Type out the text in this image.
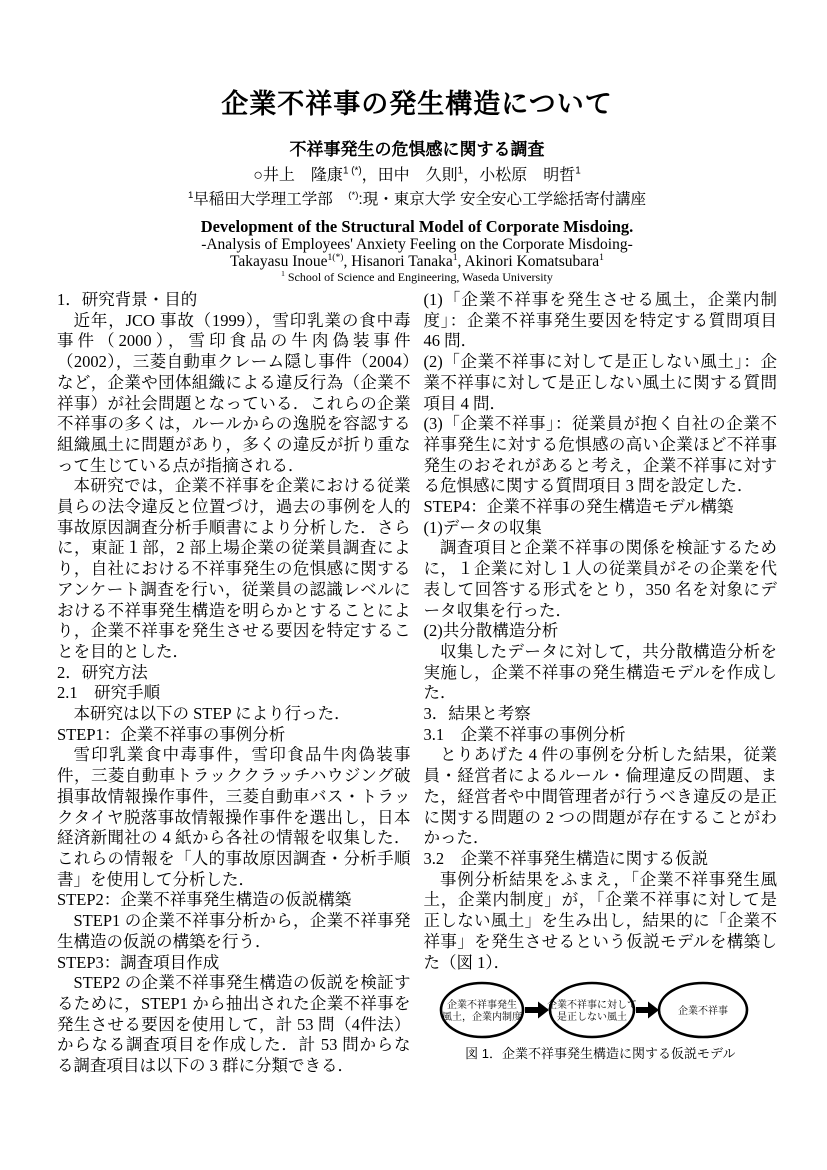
企業不祥事の発生構造について
不祥事発生の危惧感に関する調査
○井上　隆康$^{1 (*)}$，田中　久則$^1$，小松原　明哲$^1$
$^1$早稲田大学理工学部　(*):現・東京大学 安全安心工学総括寄付講座
Development of the Structural Model of Corporate Misdoing.
-Analysis of Employees' Anxiety Feeling on the Corporate Misdoing-
Takayasu Inoue$^{1(*)}$, Hisanori Tanaka$^1$, Akinori Komatsubara$^1$
$^1$ School of Science and Engineering, Waseda University

1．研究背景・目的

近年，JCO 事故（1999），雪印乳業の食中毒事件（2000），雪印食品の牛肉偽装事件（2002），三菱自動車クレーム隠し事件（2004）など，企業や団体組織による違反行為（企業不祥事）が社会問題となっている．これらの企業不祥事の多くは，ルールからの逸脱を容認する組織風土に問題があり，多くの違反が折り重なって生じている点が指摘される．

本研究では，企業不祥事を企業における従業員らの法令違反と位置づけ，過去の事例を人的事故原因調査分析手順書により分析した．さらに，東証１部，2 部上場企業の従業員調査により，自社における不祥事発生の危惧感に関するアンケート調査を行い，従業員の認識レベルにおける不祥事発生構造を明らかとすることにより，企業不祥事を発生させる要因を特定することを目的とした．

2．研究方法

2.1　研究手順

本研究は以下の STEP により行った．

STEP1：企業不祥事の事例分析

雪印乳業食中毒事件，雪印食品牛肉偽装事件，三菱自動車トラッククラッチハウジング破損事故情報操作事件，三菱自動車バス・トラックタイヤ脱落事故情報操作事件を選出し，日本経済新聞社の 4 紙から各社の情報を収集した．これらの情報を「人的事故原因調査・分析手順書」を使用して分析した．

STEP2：企業不祥事発生構造の仮説構築

STEP1 の企業不祥事分析から，企業不祥事発生構造の仮説の構築を行う．

STEP3：調査項目作成

STEP2 の企業不祥事発生構造の仮説を検証するために，STEP1 から抽出された企業不祥事を発生させる要因を使用して，計 53 問（4件法）からなる調査項目を作成した．計 53 問からなる調査項目は以下の 3 群に分類できる．

(1)「企業不祥事を発生させる風土，企業内制度」：企業不祥事発生要因を特定する質問項目 46 問．

(2)「企業不祥事に対して是正しない風土」：企業不祥事に対して是正しない風土に関する質問項目 4 問．

(3)「企業不祥事」：従業員が抱く自社の企業不祥事発生に対する危惧感の高い企業ほど不祥事発生のおそれがあると考え，企業不祥事に対する危惧感に関する質問項目 3 問を設定した．

STEP4：企業不祥事の発生構造モデル構築

(1)データの収集

調査項目と企業不祥事の関係を検証するために，１企業に対し１人の従業員がその企業を代表して回答する形式をとり，350 名を対象にデータ収集を行った．

(2)共分散構造分析

収集したデータに対して，共分散構造分析を実施し，企業不祥事の発生構造モデルを作成した．

3．結果と考察

3.1　企業不祥事の事例分析

とりあげた 4 件の事例を分析した結果，従業員・経営者によるルール・倫理違反の問題、また，経営者や中間管理者が行うべき違反の是正に関する問題の 2 つの問題が存在することがわかった．

3.2　企業不祥事発生構造に関する仮説

事例分析結果をふまえ，「企業不祥事発生風土，企業内制度」が，「企業不祥事に対して是正しない風土」を生み出し，結果的に「企業不祥事」を発生させるという仮説モデルを構築した（図 1）．

企業不祥事発生
風土，企業内制度
企業不祥事に対して
是正しない風土
企業不祥事
図 1．企業不祥事発生構造に関する仮説モデル
